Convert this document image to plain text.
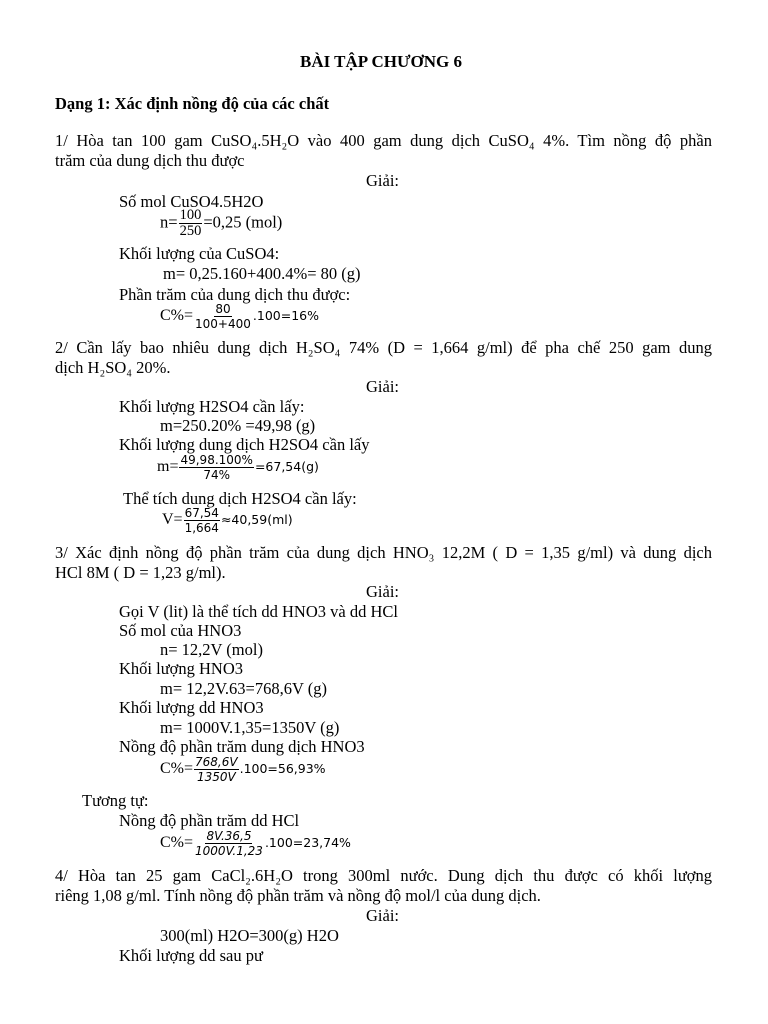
BÀI TẬP CHƯƠNG 6
Dạng 1: Xác định nồng độ của các chất
1/ Hòa tan 100 gam CuSO₄.5H₂O vào 400 gam dung dịch CuSO₄ 4%. Tìm nồng độ phần
trăm của dung dịch thu được
Giải:
Số mol CuSO4.5H2O
$n= \frac{100}{250} =0,25$ (mol)
Khối lượng của CuSO4:
m= 0,25.160+400.4%= 80 (g)
Phần trăm của dung dịch thu được:
$C\%= \frac{80}{100+400} .100=16\%$
2/ Cần lấy bao nhiêu dung dịch H₂SO₄ 74% (D = 1,664 g/ml) để pha chế 250 gam dung
dịch H₂SO₄ 20%.
Giải:
Khối lượng H2SO4 cần lấy:
m=250.20% =49,98 (g)
Khối lượng dung dịch H2SO4 cần lấy
$m= \frac{49,98.100\%}{74\%} =67,54(g)$
Thể tích dung dịch H2SO4 cần lấy:
$V= \frac{67,54}{1,664} \approx 40,59(ml)$
3/ Xác định nồng độ phần trăm của dung dịch HNO₃ 12,2M ( D = 1,35 g/ml) và dung dịch
HCl 8M ( D = 1,23 g/ml).
Giải:
Gọi V (lit) là thể tích dd HNO3 và dd HCl
Số mol của HNO3
n= 12,2V (mol)
Khối lượng HNO3
m= 12,2V.63=768,6V (g)
Khối lượng dd HNO3
m= 1000V.1,35=1350V (g)
Nồng độ phần trăm dung dịch HNO3
$C\%= \frac{768,6V}{1350V} .100=56,93\%$
Tương tự:
Nồng độ phần trăm dd HCl
$C\%= \frac{8V.36,5}{1000V.1,23} .100=23,74\%$
4/ Hòa tan 25 gam CaCl₂.6H₂O trong 300ml nước. Dung dịch thu được có khối lượng
riêng 1,08 g/ml. Tính nồng độ phần trăm và nồng độ mol/l của dung dịch.
Giải:
300(ml) H2O=300(g) H2O
Khối lượng dd sau pư
